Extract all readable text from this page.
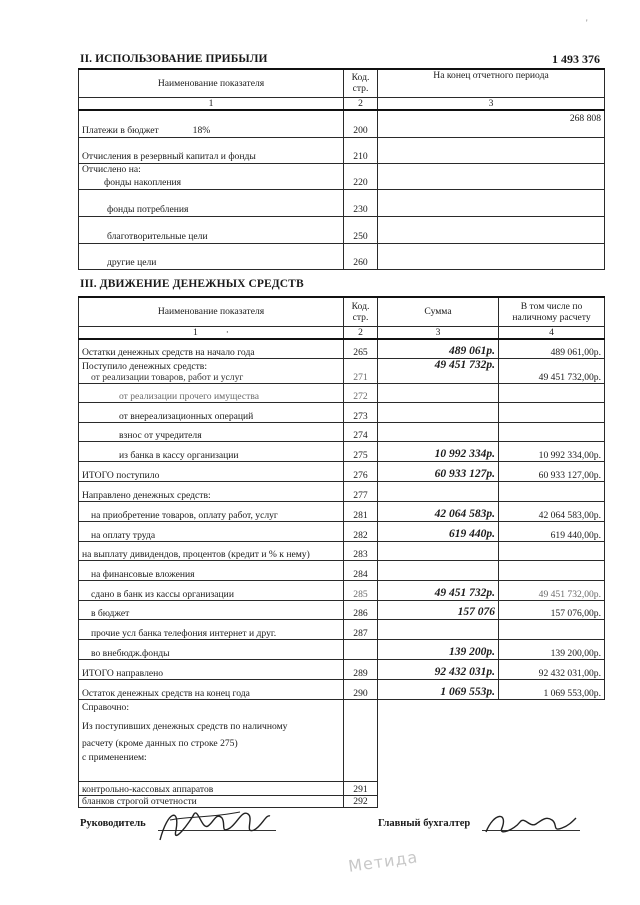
'
II. ИСПОЛЬЗОВАНИЕ ПРИБЫЛИ	1 493 376
Наименование показателя	Код. стр.	На конец отчетного периода
1	2	3
Платежи в бюджет 18%	200	268 808
Отчисления в резервный капитал и фонды	210	

Отчислено на:
фонды накопления	220	
фонды потребления	230	
благотворительные цели	250	
другие цели	260	
III. ДВИЖЕНИЕ ДЕНЕЖНЫХ СРЕДСТВ
Наименование показателя	Код. стр.	Сумма	В том числе по наличному расчету
1 ·	2	3	4
Остатки денежных средств на начало года	265	489 061р.	489 061,00р.

Поступило денежных средств:
от реализации товаров, работ и услуг	271	49 451 732р.	49 451 732,00р.
от реализации прочего имущества	272		
от внереализационных операций	273		
взнос от учредителя	274		
из банка в кассу организации	275	10 992 334р.	10 992 334,00р.
ИТОГО поступило	276	60 933 127р.	60 933 127,00р.
Направлено денежных средств:	277		
на приобретение товаров, оплату работ, услуг	281	42 064 583р.	42 064 583,00р.
на оплату труда	282	619 440р.	619 440,00р.
на выплату дивидендов, процентов (кредит и % к нему)	283		
на финансовые вложения	284		
сдано в банк из кассы организации	285	49 451 732р.	49 451 732,00р.
в бюджет	286	157 076	157 076,00р.
прочие усл банка телефония интернет и друг.	287		
во внебюдж.фонды		139 200р.	139 200,00р.
ИТОГО направлено	289	92 432 031р.	92 432 031,00р.
Остаток денежных средств на конец года	290	1 069 553р.	1 069 553,00р.

Справочно:
Из поступивших денежных средств по наличному
расчету (кроме данных по строке 275)
с применением:			

контрольно-кассовых аппаратов	291		
бланков строгой отчетности	292		
Руководитель	Главный бухгалтер
Метида
